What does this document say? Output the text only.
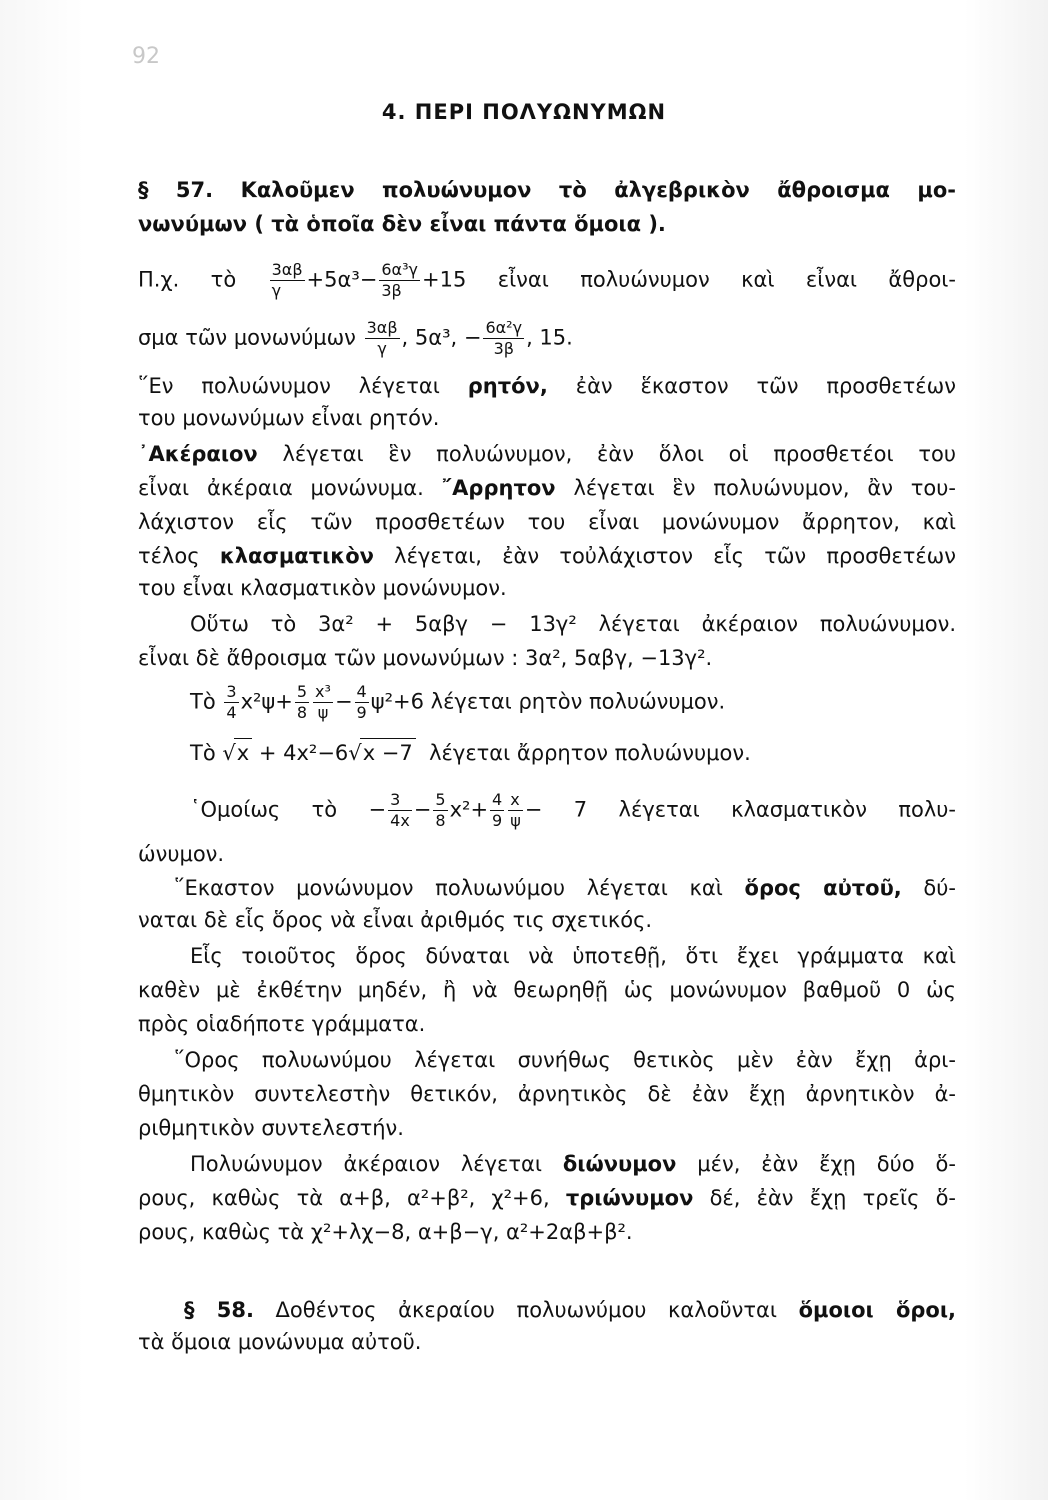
92
4. ΠΕΡΙ ΠΟΛΥΩΝΥΜΩΝ
§ 57. Καλοῦμεν πολυώνυμον τὸ ἀλγεβρικὸν ἄθροισμα μο-
νωνύμων ( τὰ ὁποῖα δὲν εἶναι πάντα ὅμοια ).
Π.χ. τὸ $\frac{3\alpha\beta}{\gamma} +5\alpha^3- \frac{\text{6α³γ}}{3\beta} +15$ εἶναι πολυώνυμον καὶ εἶναι ἄθροι-
σμα τῶν μονωνύμων $\frac{3\alpha\beta}{\gamma}$ , 5α³, − $\frac{\text{6α²γ}}{3\beta}$ , 15.
῞Εν πολυώνυμον λέγεται ρητόν, ἐὰν ἕκαστον τῶν προσθετέων
του μονωνύμων εἶναι ρητόν.
᾿Ακέραιον λέγεται ἓν πολυώνυμον, ἐὰν ὅλοι οἱ προσθετέοι του
εἶναι ἀκέραια μονώνυμα. ῎Αρρητον λέγεται ἓν πολυώνυμον, ἂν του-
λάχιστον εἷς τῶν προσθετέων του εἶναι μονώνυμον ἄρρητον, καὶ
τέλος κλασματικὸν λέγεται, ἐὰν τοὐλάχιστον εἷς τῶν προσθετέων
του εἶναι κλασματικὸν μονώνυμον.
Οὕτω τὸ 3α² + 5αβγ − 13γ² λέγεται ἀκέραιον πολυώνυμον.
εἶναι δὲ ἄθροισμα τῶν μονωνύμων : 3α², 5αβγ, −13γ².
Τὸ $\frac{3}{4} x^2\psi+ \frac{5}{8} \frac{\text{x³}}{\psi} - \frac{4}{9} \psi^2+6$ λέγεται ρητὸν πολυώνυμον.
Τὸ √x + 4x²−6√x −7 λέγεται ἄρρητον πολυώνυμον.
῾Ομοίως τὸ − $\frac{3}{4x} - \frac{5}{8} x^2+ \frac{4}{9} \frac{x}{\psi} - 7$ λέγεται κλασματικὸν πολυ-
ώνυμον.
῞Εκαστον μονώνυμον πολυωνύμου λέγεται καὶ ὅρος αὐτοῦ, δύ-
ναται δὲ εἷς ὅρος νὰ εἶναι ἀριθμός τις σχετικός.
Εἷς τοιοῦτος ὅρος δύναται νὰ ὑποτεθῇ, ὅτι ἔχει γράμματα καὶ
καθὲν μὲ ἐκθέτην μηδέν, ἢ νὰ θεωρηθῇ ὡς μονώνυμον βαθμοῦ 0 ὡς
πρὸς οἱαδήποτε γράμματα.
῞Ορος πολυωνύμου λέγεται συνήθως θετικὸς μὲν ἐὰν ἔχῃ ἀρι-
θμητικὸν συντελεστὴν θετικόν, ἀρνητικὸς δὲ ἐὰν ἔχῃ ἀρνητικὸν ἀ-
ριθμητικὸν συντελεστήν.
Πολυώνυμον ἀκέραιον λέγεται διώνυμον μέν, ἐὰν ἔχῃ δύο ὅ-
ρους, καθὼς τὰ α+β, α²+β², χ²+6, τριώνυμον δέ, ἐὰν ἔχῃ τρεῖς ὅ-
ρους, καθὼς τὰ χ²+λχ−8, α+β−γ, α²+2αβ+β².
§ 58. Δοθέντος ἀκεραίου πολυωνύμου καλοῦνται ὅμοιοι ὅροι,
τὰ ὅμοια μονώνυμα αὐτοῦ.
